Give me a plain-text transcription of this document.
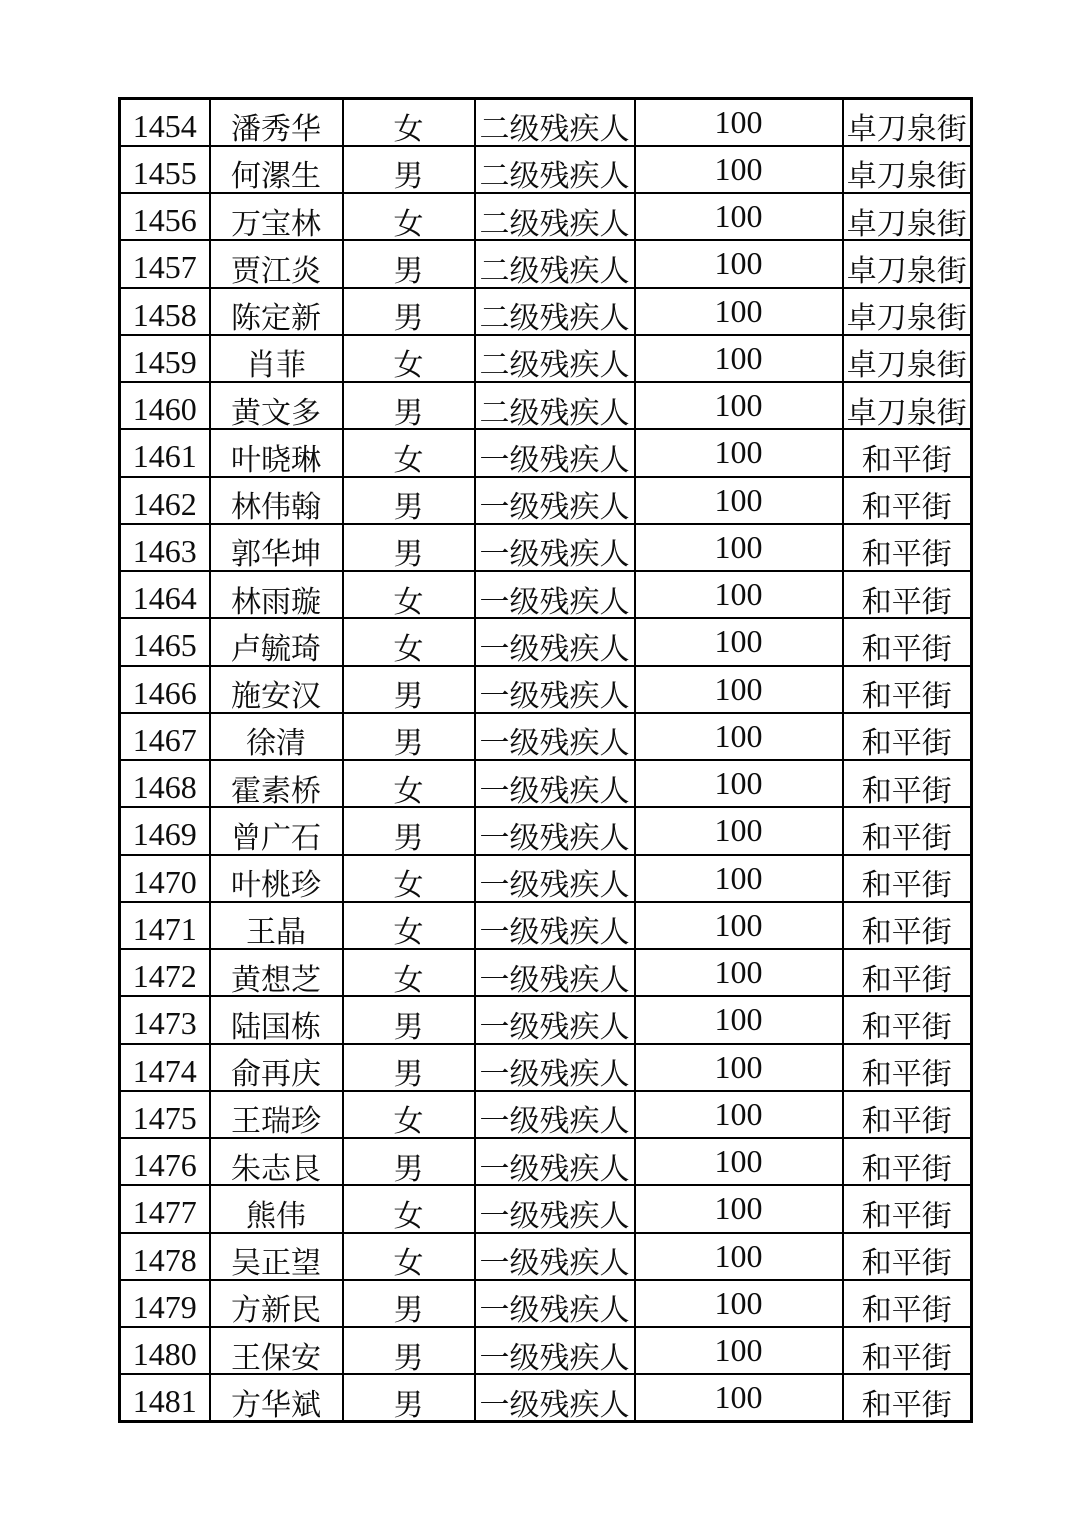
1454	潘秀华	女	二级残疾人	100	卓刀泉街
1455	何漯生	男	二级残疾人	100	卓刀泉街
1456	万宝林	女	二级残疾人	100	卓刀泉街
1457	贾江炎	男	二级残疾人	100	卓刀泉街
1458	陈定新	男	二级残疾人	100	卓刀泉街
1459	肖菲	女	二级残疾人	100	卓刀泉街
1460	黄文多	男	二级残疾人	100	卓刀泉街
1461	叶晓琳	女	一级残疾人	100	和平街
1462	林伟翰	男	一级残疾人	100	和平街
1463	郭华坤	男	一级残疾人	100	和平街
1464	林雨璇	女	一级残疾人	100	和平街
1465	卢毓琦	女	一级残疾人	100	和平街
1466	施安汉	男	一级残疾人	100	和平街
1467	徐清	男	一级残疾人	100	和平街
1468	霍素桥	女	一级残疾人	100	和平街
1469	曾广石	男	一级残疾人	100	和平街
1470	叶桃珍	女	一级残疾人	100	和平街
1471	王晶	女	一级残疾人	100	和平街
1472	黄想芝	女	一级残疾人	100	和平街
1473	陆国栋	男	一级残疾人	100	和平街
1474	俞再庆	男	一级残疾人	100	和平街
1475	王瑞珍	女	一级残疾人	100	和平街
1476	朱志艮	男	一级残疾人	100	和平街
1477	熊伟	女	一级残疾人	100	和平街
1478	吴正望	女	一级残疾人	100	和平街
1479	方新民	男	一级残疾人	100	和平街
1480	王保安	男	一级残疾人	100	和平街
1481	方华斌	男	一级残疾人	100	和平街
